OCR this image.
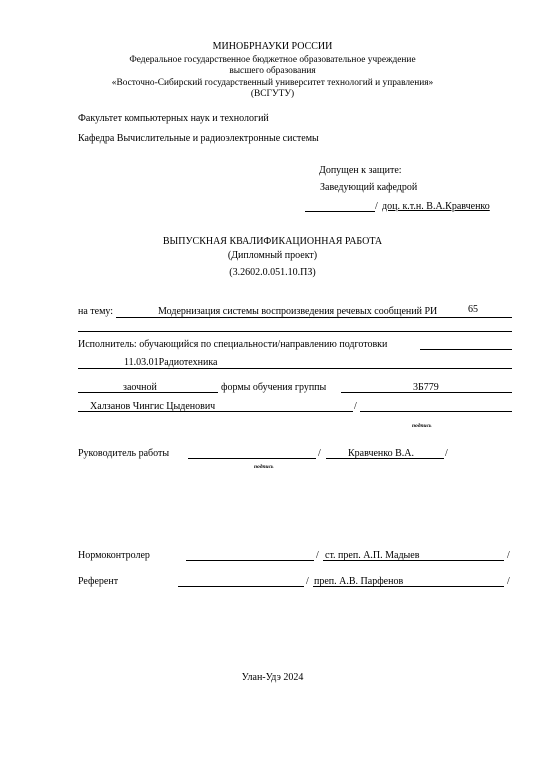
МИНОБРНАУКИ РОССИИ
Федеральное государственное бюджетное образовательное учреждение
высшего образования
«Восточно-Сибирский государственный университет технологий и управления»
(ВСГУТУ)
Факультет компьютерных наук и технологий
Кафедра Вычислительные и радиоэлектронные системы
Допущен к защите:
Заведующий кафедрой
/ доц. к.т.н. В.А.Кравченко
ВЫПУСКНАЯ КВАЛИФИКАЦИОННАЯ РАБОТА
(Дипломный проект)
(3.2602.0.051.10.ПЗ)
на тему:	Модернизация системы воспроизведения речевых сообщений РИ	65
Исполнитель: обучающийся по специальности/направлению подготовки
11.03.01Радиотехника
заочной	формы обучения группы	3Б779
Халзанов Чингис Цыденович	/
подпись
Руководитель работы	/	Кравченко В.А.	/
подпись
Нормоконтролер	/ ст. преп. А.П. Мадыев	/
Референт	/ преп. А.В. Парфенов	/
Улан-Удэ 2024
